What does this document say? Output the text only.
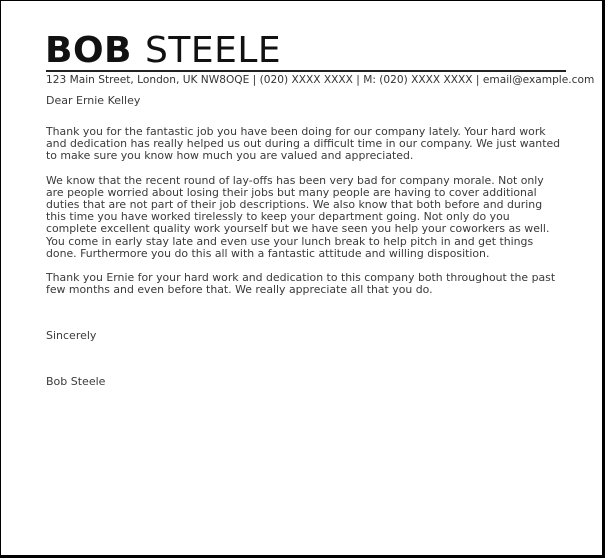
BOB STEELE
123 Main Street, London, UK NW8OQE | (020) XXXX XXXX | M: (020) XXXX XXXX | email@example.com
Dear Ernie Kelley

Thank you for the fantastic job you have been doing for our company lately. Your hard work and dedication has really helped us out during a difficult time in our company. We just wanted to make sure you know how much you are valued and appreciated.

We know that the recent round of lay-offs has been very bad for company morale. Not only are people worried about losing their jobs but many people are having to cover additional duties that are not part of their job descriptions. We also know that both before and during this time you have worked tirelessly to keep your department going. Not only do you complete excellent quality work yourself but we have seen you help your coworkers as well. You come in early stay late and even use your lunch break to help pitch in and get things done. Furthermore you do this all with a fantastic attitude and willing disposition.

Thank you Ernie for your hard work and dedication to this company both throughout the past few months and even before that. We really appreciate all that you do.

Sincerely
Bob Steele
